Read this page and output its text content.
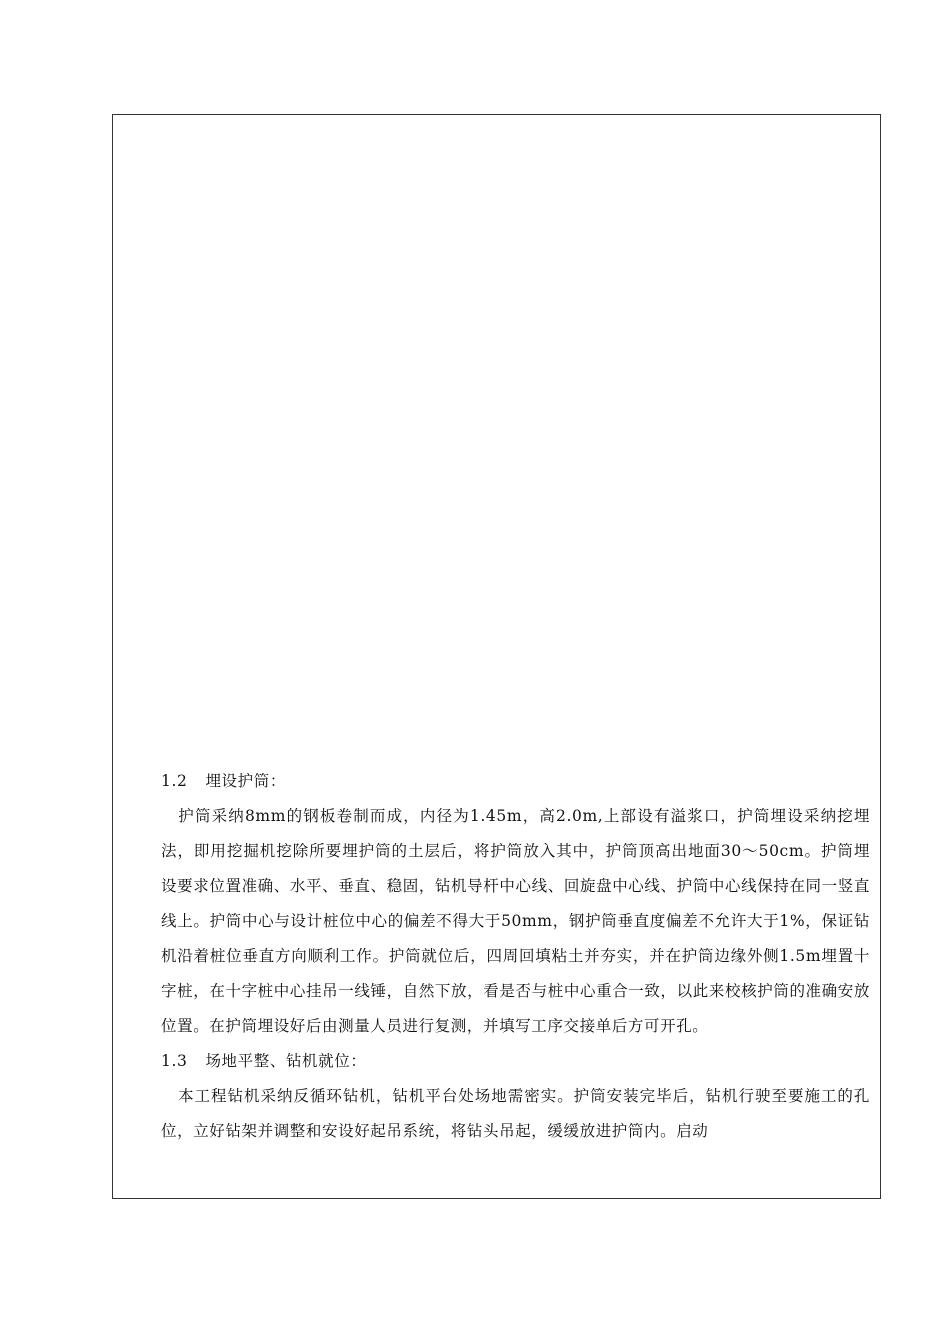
1.2 埋设护筒：

  护筒采纳8mm的钢板卷制而成，内径为1.45m，高2.0m,上部设有溢浆口，护筒埋设采纳挖埋法，即用挖掘机挖除所要埋护筒的土层后，将护筒放入其中，护筒顶高出地面30～50cm。护筒埋设要求位置准确、水平、垂直、稳固，钻机导杆中心线、回旋盘中心线、护筒中心线保持在同一竖直线上。护筒中心与设计桩位中心的偏差不得大于50mm，钢护筒垂直度偏差不允许大于1%，保证钻机沿着桩位垂直方向顺利工作。护筒就位后，四周回填粘土并夯实，并在护筒边缘外侧1.5m埋置十字桩，在十字桩中心挂吊一线锤，自然下放，看是否与桩中心重合一致，以此来校核护筒的准确安放位置。在护筒埋设好后由测量人员进行复测，并填写工序交接单后方可开孔。

1.3 场地平整、钻机就位：

  本工程钻机采纳反循环钻机，钻机平台处场地需密实。护筒安装完毕后，钻机行驶至要施工的孔位，立好钻架并调整和安设好起吊系统，将钻头吊起，缓缓放进护筒内。启动
